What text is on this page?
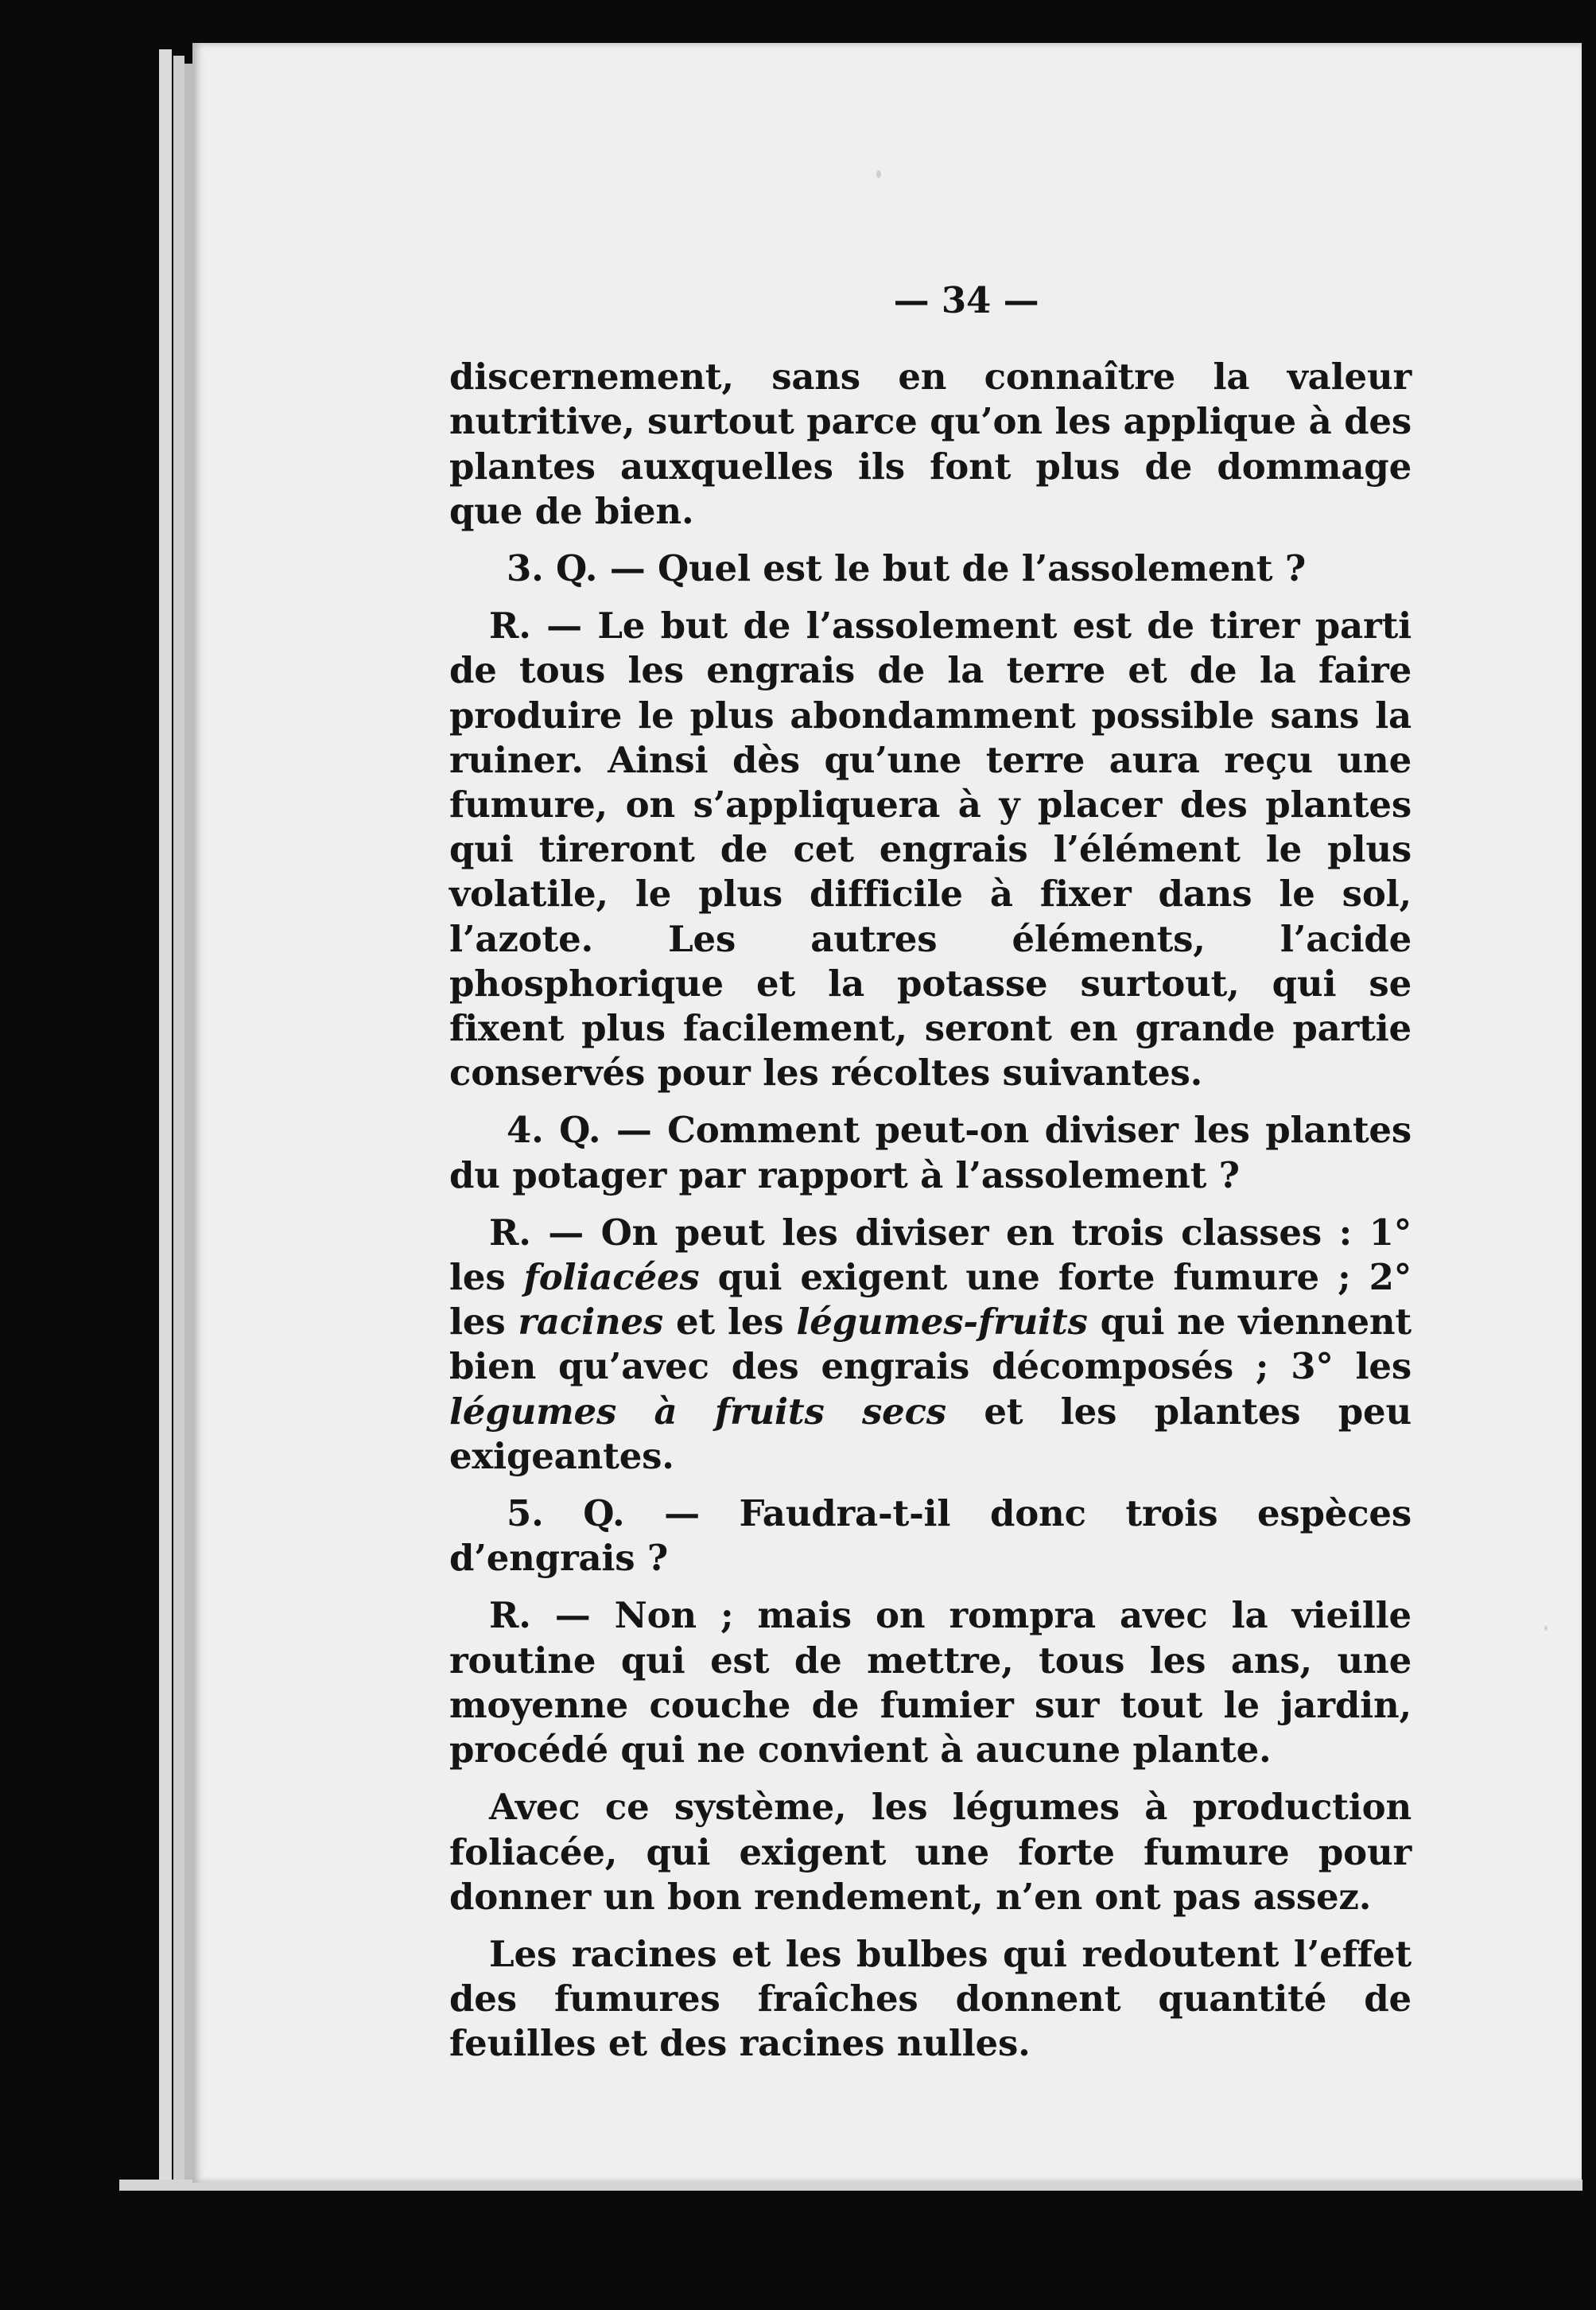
— 34 —

discernement, sans en connaître la valeur nutritive, surtout parce qu’on les applique à des plantes auxquelles ils font plus de dommage que de bien.

3. Q. — Quel est le but de l’assolement ?

R. — Le but de l’assolement est de tirer parti de tous les engrais de la terre et de la faire produire le plus abondamment possible sans la ruiner. Ainsi dès qu’une terre aura reçu une fumure, on s’appliquera à y placer des plantes qui tireront de cet engrais l’élément le plus volatile, le plus difficile à fixer dans le sol, l’azote. Les autres éléments, l’acide phosphorique et la potasse surtout, qui se fixent plus facilement, seront en grande partie conservés pour les récoltes suivantes.

4. Q. — Comment peut-on diviser les plantes du potager par rapport à l’assolement ?

R. — On peut les diviser en trois classes : 1° les foliacées qui exigent une forte fumure ; 2° les racines et les légumes-fruits qui ne viennent bien qu’avec des engrais décomposés ; 3° les légumes à fruits secs et les plantes peu exigeantes.

5. Q. — Faudra-t-il donc trois espèces d’engrais ?

R. — Non ; mais on rompra avec la vieille routine qui est de mettre, tous les ans, une moyenne couche de fumier sur tout le jardin, procédé qui ne convient à aucune plante.

Avec ce système, les légumes à production foliacée, qui exigent une forte fumure pour donner un bon rendement, n’en ont pas assez.

Les racines et les bulbes qui redoutent l’effet des fumures fraîches donnent quantité de feuilles et des racines nulles.
